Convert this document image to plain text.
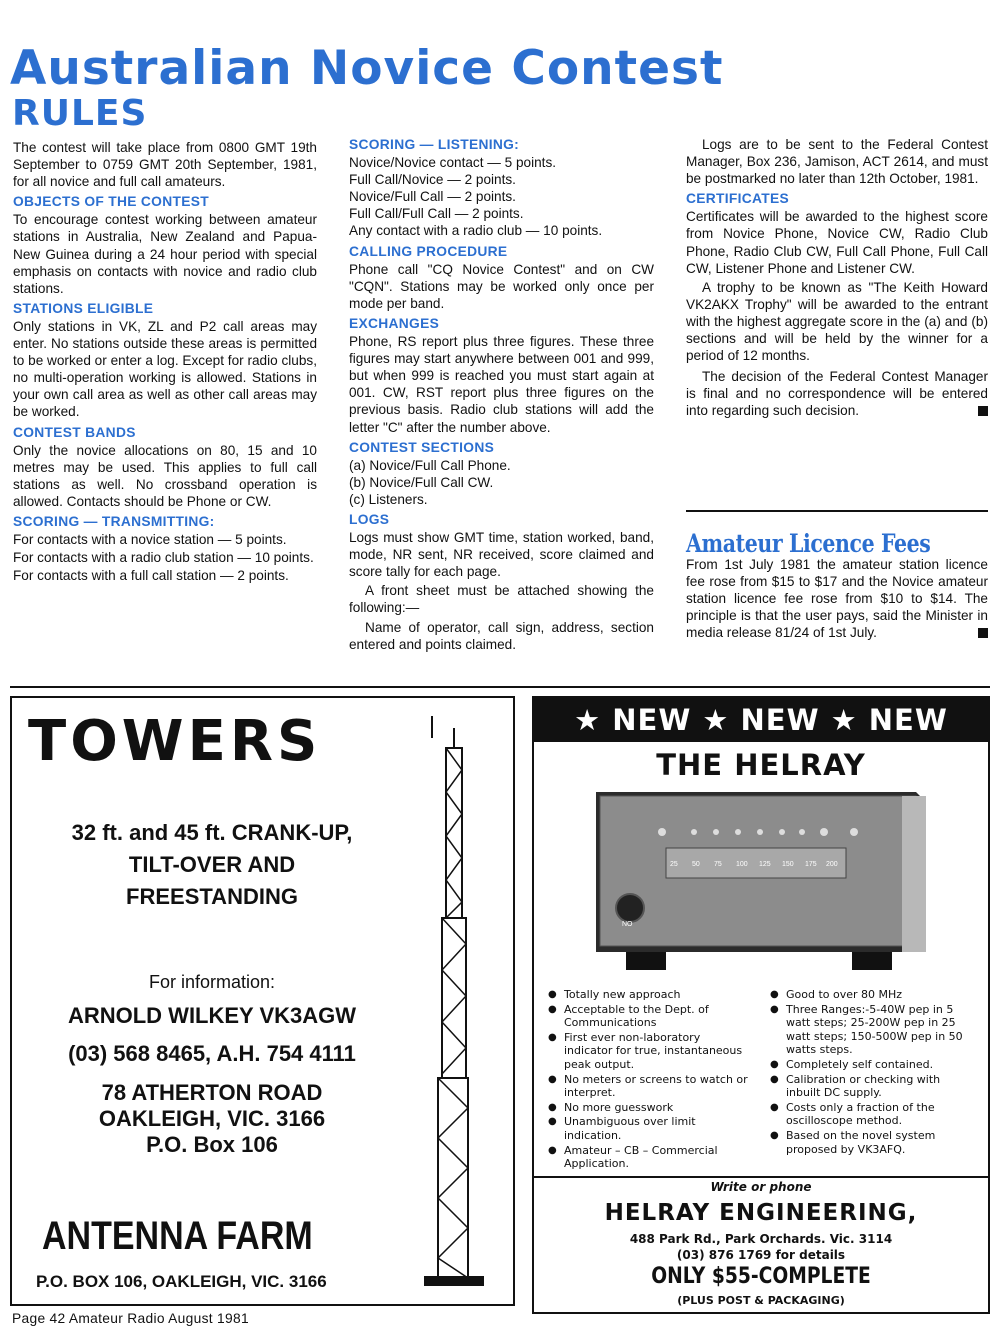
Australian Novice Contest
RULES

The contest will take place from 0800 GMT 19th September to 0759 GMT 20th September, 1981, for all novice and full call amateurs.

OBJECTS OF THE CONTEST

To encourage contest working between amateur stations in Australia, New Zealand and Papua-New Guinea during a 24 hour period with special emphasis on contacts with novice and radio club stations.

STATIONS ELIGIBLE

Only stations in VK, ZL and P2 call areas may enter. No stations outside these areas is permitted to be worked or enter a log. Except for radio clubs, no multi-operation working is allowed. Stations in your own call area as well as other call areas may be worked.

CONTEST BANDS

Only the novice allocations on 80, 15 and 10 metres may be used. This applies to full call stations as well. No crossband operation is allowed. Contacts should be Phone or CW.

SCORING — TRANSMITTING:

For contacts with a novice station — 5 points.

For contacts with a radio club station — 10 points.

For contacts with a full call station — 2 points.

SCORING — LISTENING:

Novice/Novice contact — 5 points.

Full Call/Novice — 2 points.

Novice/Full Call — 2 points.

Full Call/Full Call — 2 points.

Any contact with a radio club — 10 points.

CALLING PROCEDURE

Phone call "CQ Novice Contest" and on CW "CQN". Stations may be worked only once per mode per band.

EXCHANGES

Phone, RS report plus three figures. These three figures may start anywhere between 001 and 999, but when 999 is reached you must start again at 001. CW, RST report plus three figures on the previous basis. Radio club stations will add the letter "C" after the number above.

CONTEST SECTIONS

(a) Novice/Full Call Phone.

(b) Novice/Full Call CW.

(c) Listeners.

LOGS

Logs must show GMT time, station worked, band, mode, NR sent, NR received, score claimed and score tally for each page.

A front sheet must be attached showing the following:—

Name of operator, call sign, address, section entered and points claimed.

Logs are to be sent to the Federal Contest Manager, Box 236, Jamison, ACT 2614, and must be postmarked no later than 12th October, 1981.

CERTIFICATES

Certificates will be awarded to the highest score from Novice Phone, Novice CW, Radio Club Phone, Radio Club CW, Full Call Phone, Full Call CW, Listener Phone and Listener CW.

A trophy to be known as "The Keith Howard VK2AKX Trophy" will be awarded to the entrant with the highest aggregate score in the (a) and (b) sections and will be held by the winner for a period of 12 months.

The decision of the Federal Contest Manager is final and no correspondence will be entered into regarding such decision.

Amateur Licence Fees

From 1st July 1981 the amateur station licence fee rose from $15 to $17 and the Novice amateur station licence fee rose from $10 to $14. The principle is that the user pays, said the Minister in media release 81/24 of 1st July.

TOWERS
32 ft. and 45 ft. CRANK-UP,
TILT-OVER AND
FREESTANDING
For information:
ARNOLD WILKEY VK3AGW
(03) 568 8465, A.H. 754 4111
78 ATHERTON ROAD
OAKLEIGH, VIC. 3166
P.O. Box 106
ANTENNA FARM
P.O. BOX 106, OAKLEIGH, VIC. 3166
★ NEW ★ NEW ★ NEW
THE HELRAY
25 50 75 100 125 150 175 200
NO

● Totally new approach

● Acceptable to the Dept. of Communications

● First ever non-laboratory indicator for true, instantaneous peak output.

● No meters or screens to watch or interpret.

● No more guesswork

● Unambiguous over limit indication.

● Amateur – CB – Commercial Application.

● Good to over 80 MHz

● Three Ranges:-5-40W pep in 5 watt steps; 25-200W pep in 25 watt steps; 150-500W pep in 50 watts steps.

● Completely self contained.

● Calibration or checking with inbuilt DC supply.

● Costs only a fraction of the oscilloscope method.

● Based on the novel system proposed by VK3AFQ.

Write or phone
HELRAY ENGINEERING,
488 Park Rd., Park Orchards. Vic. 3114
(03) 876 1769 for details
ONLY $55-COMPLETE
(PLUS POST & PACKAGING)
Page 42 Amateur Radio August 1981
